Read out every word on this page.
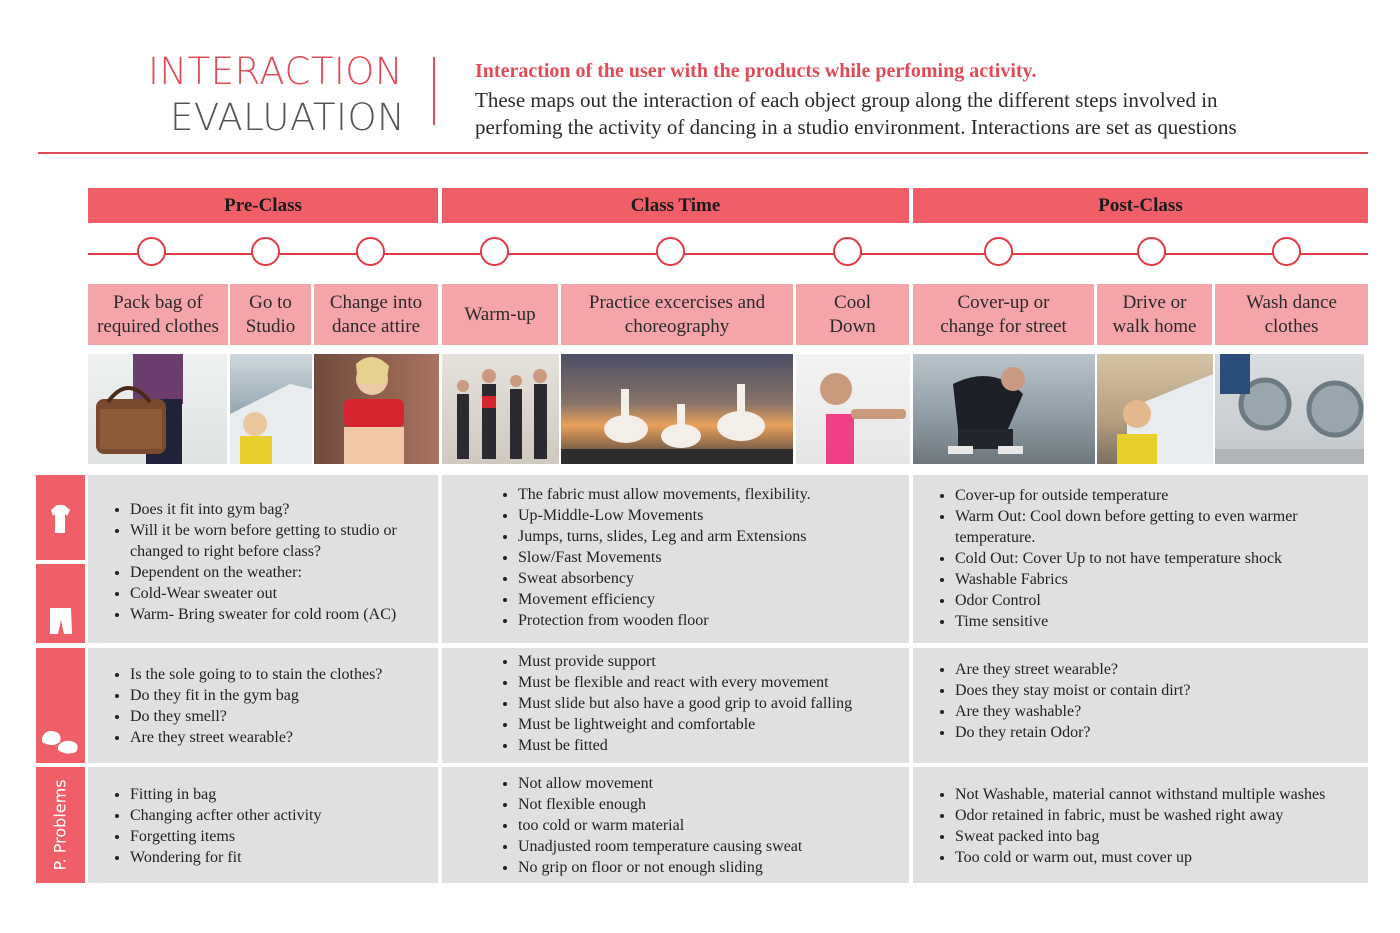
INTERACTION
EVALUATION
Interaction of the user with the products while perfoming activity.
These maps out the interaction of each object group along the different steps involved in
perfoming the activity of dancing in a studio environment. Interactions are set as questions
Pre-Class	Class Time	Post-Class
Pack bag of
required clothes
Go to
Studio
Change into
dance attire
Warm-up
Practice excercises and
choreography
Cool
Down
Cover-up or
change for street
Drive or
walk home
Wash dance
clothes
P. Problems
• Does it fit into gym bag?
• Will it be worn before getting to studio or
changed to right before class?
• Dependent on the weather:
• Cold-Wear sweater out
• Warm- Bring sweater for cold room (AC)
• The fabric must allow movements, flexibility.
• Up-Middle-Low Movements
• Jumps, turns, slides, Leg and arm Extensions
• Slow/Fast Movements
• Sweat absorbency
• Movement efficiency
• Protection from wooden floor
• Cover-up for outside temperature
• Warm Out: Cool down before getting to even warmer
temperature.
• Cold Out: Cover Up to not have temperature shock
• Washable Fabrics
• Odor Control
• Time sensitive
• Is the sole going to to stain the clothes?
• Do they fit in the gym bag
• Do they smell?
• Are they street wearable?
• Must provide support
• Must be flexible and react with every movement
• Must slide but also have a good grip to avoid falling
• Must be lightweight and comfortable
• Must be fitted
• Are they street wearable?
• Does they stay moist or contain dirt?
• Are they washable?
• Do they retain Odor?
• Fitting in bag
• Changing acfter other activity
• Forgetting items
• Wondering for fit
• Not allow movement
• Not flexible enough
• too cold or warm material
• Unadjusted room temperature causing sweat
• No grip on floor or not enough sliding
• Not Washable, material cannot withstand multiple washes
• Odor retained in fabric, must be washed right away
• Sweat packed into bag
• Too cold or warm out, must cover up
